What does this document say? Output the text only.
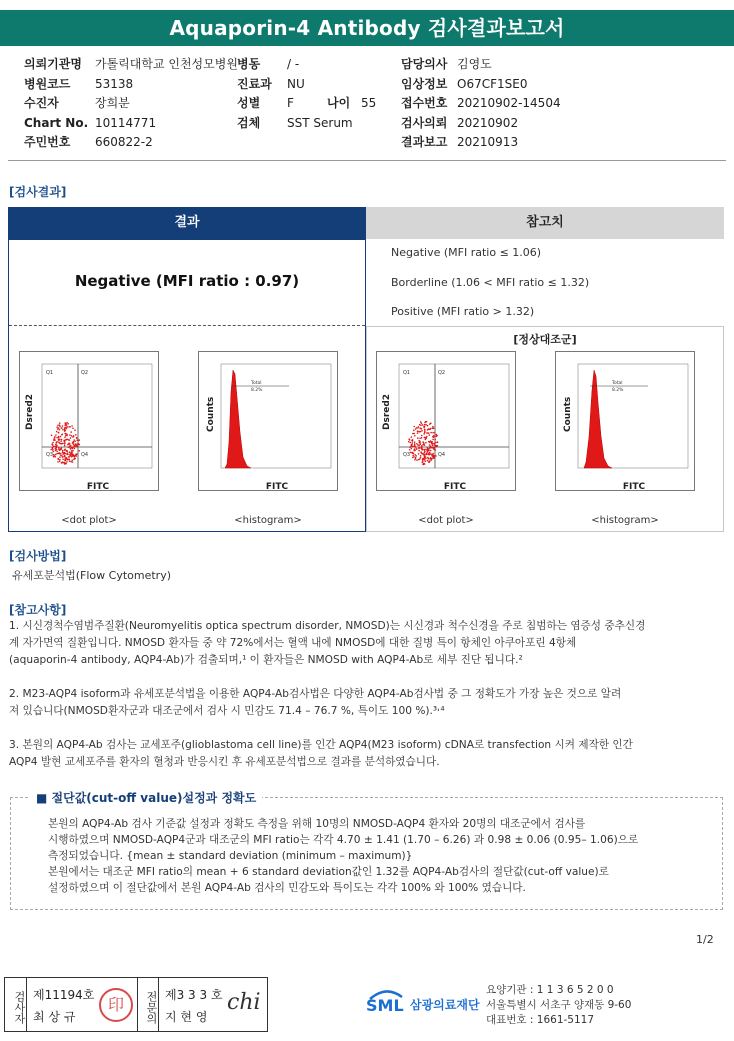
Aquaporin-4 Antibody 검사결과보고서
의뢰기관명 가톨릭대학교 인천성모병원 병동 / -	담당의사 김영도
병원코드 53138	진료과 NU	임상정보 O67CF1SE0
수진자	장희분	성별 F	나이 55 접수번호 20210902-14504
Chart No. 10114771	검체 SST Serum	검사의뢰 20210902
주민번호 660822-2	결과보고 20210913
[검사결과]
결과	참고치
Negative (MFI ratio : 0.97)
Negative (MFI ratio ≤ 1.06)
Borderline (1.06 < MFI ratio ≤ 1.32)
Positive (MFI ratio > 1.32)
[정상대조군]
Q1	Q2
Q3	Q4
Dsred2
FITC
<dot plot>
Total
8.2%
Counts
FITC
<histogram>
Q1	Q2
Q3	Q4
Dsred2
FITC
<dot plot>
Total
8.2%
Counts
FITC
<histogram>
[검사방법]
유세포분석법(Flow Cytometry)
[참고사항]
1. 시신경척수염범주질환(Neuromyelitis optica spectrum disorder, NMOSD)는 시신경과 척수신경을 주로 침범하는 염증성 중추신경
계 자가면역 질환입니다. NMOSD 환자들 중 약 72%에서는 혈액 내에 NMOSD에 대한 질병 특이 항체인 아쿠아포린 4항체
(aquaporin-4 antibody, AQP4-Ab)가 검출되며,¹ 이 환자들은 NMOSD with AQP4-Ab로 세부 진단 됩니다.²
2. M23-AQP4 isoform과 유세포분석법을 이용한 AQP4-Ab검사법은 다양한 AQP4-Ab검사법 중 그 정확도가 가장 높은 것으로 알려
져 있습니다(NMOSD환자군과 대조군에서 검사 시 민감도 71.4 – 76.7 %, 특이도 100 %).³˒⁴
3. 본원의 AQP4-Ab 검사는 교세포주(glioblastoma cell line)를 인간 AQP4(M23 isoform) cDNA로 transfection 시켜 제작한 인간
AQP4 발현 교세포주를 환자의 혈청과 반응시킨 후 유세포분석법으로 결과를 분석하였습니다.
■ 절단값(cut-off value)설정과 정확도
본원의 AQP4-Ab 검사 기준값 설정과 정확도 측정을 위해 10명의 NMOSD-AQP4 환자와 20명의 대조군에서 검사를
시행하였으며 NMOSD-AQP4군과 대조군의 MFI ratio는 각각 4.70 ± 1.41 (1.70 – 6.26) 과 0.98 ± 0.06 (0.95– 1.06)으로
측정되었습니다. {mean ± standard deviation (minimum – maximum)}
본원에서는 대조군 MFI ratio의 mean + 6 standard deviation값인 1.32를 AQP4-Ab검사의 절단값(cut-off value)로
설정하였으며 이 절단값에서 본원 AQP4-Ab 검사의 민감도와 특이도는 각각 100% 와 100% 였습니다.
1/2
검사자 제11194호
최 상 규
印	전문의 제3 3 3 호
지 현 영
chi	SML 삼광의료재단
요양기관 : 1 1 3 6 5 2 0 0
서울특별시 서초구 양재동 9-60
대표번호 : 1661-5117
